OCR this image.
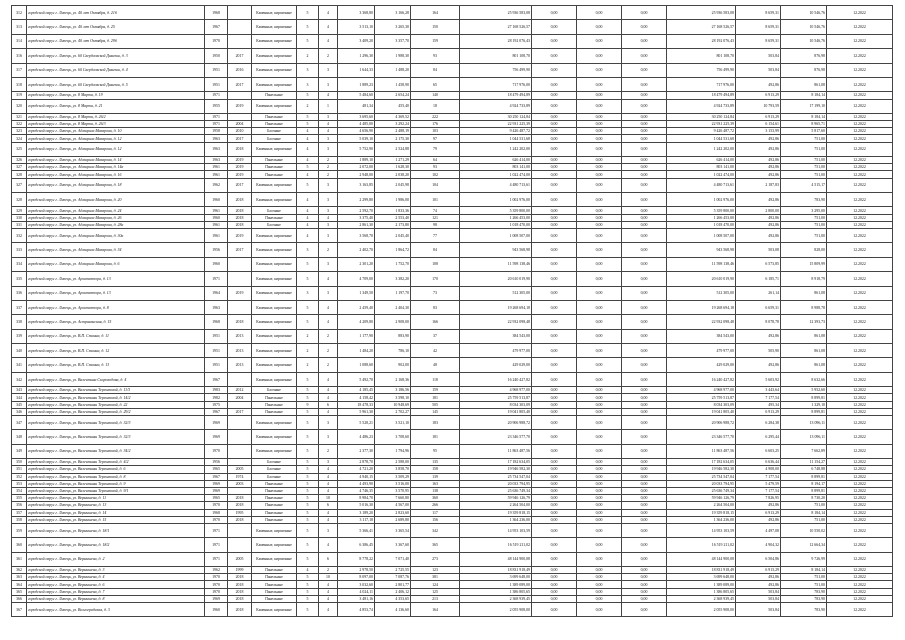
312	городской округ г. Липецк, ул. 40 лет Октября, д. 21б	1968		Каменные, кирпичные	5	4	3 368,80	3 166,28	164	25 936 583,08	0,00	0,00	0,00	25 936 583,08	8 659,31	10 546,76	12.2022
313	городской округ г. Липецк, ул. 40 лет Октября, д. 25	1967		Каменные, кирпичные	5	4	3 513,10	3 265,30	150	27 168 526,57	0,00	0,00	0,00	27 168 526,57	8 659,31	10 546,76	12.2022
314	городской округ г. Липецк, ул. 40 лет Октября, д. 29б	1970		Каменные, кирпичные	5	4	3 409,20	3 357,70	159	28 192 076,43	0,00	0,00	0,00	28 192 076,43	8 659,31	10 546,76	12.2022
316	городской округ г. Липецк, ул. 60 Свердловской Дивизии, д. 3	1950	2017	Каменные, кирпичные	2	2	1 296,30	1 988,30	93	801 108,70	0,00	0,00	0,00	801 108,70	503,84	876,98	12.2022
317	городской округ г. Липецк, ул. 60 Свердловской Дивизии, д. 4	1951	2016	Каменные, кирпичные	3	3	1 644,33	1 488,20	84	756 499,90	0,00	0,00	0,00	756 499,90	503,84	876,98	12.2022
318	городской округ г. Липецк, ул. 60 Свердловской Дивизии, д. 5	1951	2017	Каменные, кирпичные	3	3	1 889,23	1 458,90	65	717 976,00	0,00	0,00	0,00	717 976,00	492,86	861,08	12.2022
319	городской округ г. Липецк, ул. 8 Марта, д. 19	1971		Панельные	5	4	5 484,60	2 654,24	140	18 479 494,89	0,00	0,00	0,00	18 479 494,89	6 913,29	8 184,14	12.2022
320	городской округ г. Липецк, ул. 8 Марта, д. 21	1955	2019	Каменные, кирпичные	2	1	481,34	455,40	18	4 924 733,89	0,00	0,00	0,00	4 924 733,89	10 793,59	17 199,10	12.2022
321	городской округ г. Липецк, ул. 8 Марта, д. 26/2	1971		Панельные	5	3	3 695,60	4 369,52	222	30 250 124,84	0,00	0,00	0,00	30 250 124,84	6 913,29	8 184,14	12.2022
322	городской округ г. Липецк, ул. 8 Марта, д. 26/3	1971	2004	Панельные	5	4	4 485,00	3 292,24	176	22 931 225,39	0,00	0,00	0,00	22 931 225,39	6 154,61	8 965,71	12.2022
323	городской округ г. Липецк, ул. Адмирала Макарова, д. 10	1958	2010	Блочные	4	4	4 656,90	2 488,19	103	9 426 487,72	0,00	0,00	0,00	9 426 487,72	3 153,99	5 817,60	12.2022
324	городской округ г. Липецк, ул. Адмирала Макарова, д. 12	1963	2017	Блочные	4	3	5 039,10	2 175,30	97	1 044 531,68	0,00	0,00	0,00	1 044 531,68	492,86	751,00	12.2022
325	городской округ г. Липецк, ул. Адмирала Макарова, д. 12	1963	2018	Каменные, кирпичные	4	3	5 752,90	2 524,88	79	1 242 202,00	0,00	0,00	0,00	1 242 202,00	492,86	751,00	12.2022
326	городской округ г. Липецк, ул. Адмирала Макарова, д. 14	1963	2019	Панельные	4	2	1 889,10	1 271,29	64	626 414,00	0,00	0,00	0,00	626 414,00	492,86	751,00	12.2022
327	городской округ г. Липецк, ул. Адмирала Макарова, д. 14а	1961	2019	Панельные	5	2	2 072,00	1 628,30	93	803 141,00	0,00	0,00	0,00	803 141,00	492,86	751,00	12.2022
328	городской округ г. Липецк, ул. Адмирала Макарова, д. 16	1961	2019	Панельные	4	2	2 948,00	2 038,20	102	1 022 474,00	0,00	0,00	0,00	1 022 474,00	492,86	751,00	12.2022
327	городской округ г. Липецк, ул. Адмирала Макарова, д. 18	1962	2017	Каменные, кирпичные	5	3	3 163,85	2 045,98	104	4 480 713,61	0,00	0,00	0,00	4 480 713,61	2 187,83	4 515,17	12.2022
328	городской округ г. Липецк, ул. Адмирала Макарова, д. 20	1960	2018	Каменные, кирпичные	4	3	2 299,80	1 986,00	101	1 002 976,00	0,00	0,00	0,00	1 002 976,00	492,86	783,90	12.2022
329	городской округ г. Липецк, ул. Адмирала Макарова, д. 24	1961	2018	Блочные	4	3	2 592,70	1 833,36	74	5 359 800,00	0,00	0,00	0,00	5 359 800,00	2 800,00	3 295,00	12.2022
330	городской округ г. Липецк, ул. Адмирала Макарова, д. 26	1960	2018	Панельные	4	4	3 375,40	2 553,40	121	1 266 453,00	0,00	0,00	0,00	1 266 453,00	492,86	751,00	12.2022
331	городской округ г. Липецк, ул. Адмирала Макарова, д. 28а	1961	2018	Блочные	4	3	2 861,30	2 173,80	98	1 018 470,00	0,00	0,00	0,00	1 018 470,00	492,86	751,00	12.2022
332	городской округ г. Липецк, ул. Адмирала Макарова, д. 30а	1961	2019	Каменные, кирпичные	4	3	3 568,70	2 045,40	77	1 008 507,00	0,00	0,00	0,00	1 008 507,00	492,86	751,00	12.2022
333	городской округ г. Липецк, ул. Адмирала Макарова, д. 34	1956	2017	Каменные, кирпичные	3	2	2 402,70	1 864,72	84	943 568,98	0,00	0,00	0,00	943 568,98	503,08	828,00	12.2022
334	городской округ г. Липецк, ул. Адмирала Макарова, д. 6	1960		Каменные, кирпичные	5	3	2 301,20	1 752,70	108	11 598 138,46	0,00	0,00	0,00	11 598 138,46	6 573,85	15 809,99	12.2022
335	городской округ г. Липецк, ул. Архитектора, д. 13	1971		Каменные, кирпичные	5	4	4 709,00	3 382,20	170	20 610 019,90	0,00	0,00	0,00	20 610 019,90	6 185,71	8 918,79	12.2022
336	городской округ г. Липецк, ул. Архитектора, д. 13	1964	2019	Каменные, кирпичные	3	3	1 349,50	1 197,70	73	512 305,00	0,00	0,00	0,00	512 305,00	261,14	861,08	12.2022
337	городской округ г. Липецк, ул. Архитектора, д. 8	1963		Каменные, кирпичные	5	4	2 459,40	2 404,30	83	19 268 694,18	0,00	0,00	0,00	19 268 694,18	6 659,31	8 988,78	12.2022
338	городской округ г. Липецк, ул. Астраханская, д. 15	1968	2018	Каменные, кирпичные	5	4	4 209,80	2 908,00	166	22 932 098,48	0,00	0,00	0,00	22 932 098,48	8 078,78	12 393,73	12.2022
339	городской округ г. Липецк, ул. В.П. Стаина, д. 11	1951	2013	Каменные, кирпичные	2	2	1 177,90	883,90	37	384 543,00	0,00	0,00	0,00	384 543,00	492,86	861,08	12.2022
340	городской округ г. Липецк, ул. В.П. Стаина, д. 12	1951	2013	Каменные, кирпичные	2	2	1 484,20	786,10	42	479 977,00	0,00	0,00	0,00	479 977,00	505,90	861,08	12.2022
341	городской округ г. Липецк, ул. В.П. Стаина, д. 13	1951	2013	Каменные, кирпичные	2	2	1 088,60	902,00	48	429 029,00	0,00	0,00	0,00	429 029,00	492,86	861,08	12.2022
342	городской округ г. Липецк, ул. Валентина Скороходова, д. 4	1967		Каменные, кирпичные	5	4	5 492,70	2 168,36	118	16 240 427,82	0,00	0,00	0,00	16 240 427,82	5 603,92	8 632,66	12.2022
343	городской округ г. Липецк, ул. Валентины Терешковой, д. 11/3	1983	2012	Блочные	5	4	4 185,45	3 186,56	159	4 968 977,00	0,00	0,00	0,00	4 968 977,00	3 443,64	5 952,60	12.2022
344	городской округ г. Липецк, ул. Валентины Терешковой, д. 14/2	1982	2004	Панельные	5	4	4 158,42	3 598,10	181	25 759 513,87	0,00	0,00	0,00	25 759 513,87	7 177,54	8 899,81	12.2022
345	городской округ г. Липецк, ул. Валентины Терешковой, д. 22	1975		Панельные	9	6	18 478,33	10 948,69	505	8 034 303,09	0,00	0,00	0,00	8 034 303,09	495,34	1 329,10	12.2022
346	городской округ г. Липецк, ул. Валентины Терешковой, д. 29/2	1967	2017	Панельные	5	4	5 961,30	2 702,27	145	19 041 805,40	0,00	0,00	0,00	19 041 805,40	6 913,29	8 899,81	12.2022
347	городской округ г. Липецк, ул. Валентины Терешковой, д. 32/3	1969		Каменные, кирпичные	5	3	5 528,21	3 521,10	183	20 906 988,72	0,00	0,00	0,00	20 906 988,72	6 284,38	13 096,11	12.2022
348	городской округ г. Липецк, ул. Валентины Терешковой, д. 32/3	1969		Каменные, кирпичные	5	3	4 486,23	3 708,60	181	23 346 577,70	0,00	0,00	0,00	23 346 577,70	6 295,44	13 096,11	12.2022
349	городской округ г. Липецк, ул. Валентины Терешковой, д. 34/2	1970		Каменные, кирпичные	5	2	2 377,30	1 794,96	95	11 863 487,56	0,00	0,00	0,00	11 863 487,56	6 603,25	7 662,89	12.2022
350	городской округ г. Липецк, ул. Валентины Терешковой, д. 4/2	1956		Блочные	5	3	2 878,70	2 588,00	135	17 182 634,05	0,00	0,00	0,00	17 182 634,05	6 636,44	11 154,27	12.2022
351	городской округ г. Липецк, ул. Валентины Терешковой, д. 6	1965	2005	Блочные	5	4	4 721,20	3 858,70	158	19 946 582,30	0,00	0,00	0,00	19 946 582,30	4 908,00	6 748,88	12.2022
352	городской округ г. Липецк, ул. Валентины Терешковой, д. 8	1967	1974	Блочные	5	4	4 940,15	3 509,29	139	25 734 547,04	0,00	0,00	0,00	25 734 547,04	7 177,54	8 899,81	12.2022
353	городской округ г. Липецк, ул. Валентины Терешковой, д. 9	1969	2003	Панельные	5	4	4 493,90	3 516,00	163	20 033 794,95	0,00	0,00	0,00	20 033 794,95	5 479,59	8 194,17	12.2022
354	городской округ г. Липецк, ул. Валентины Терешковой, д. 9/1	1969		Панельные	5	4	4 746,35	3 570,95	138	25 636 749,34	0,00	0,00	0,00	25 636 749,34	7 177,54	8 899,81	12.2022
355	городской округ г. Липецк, ул. Вермишева, д. 11	1965	2018	Панельные	5	10	8 984,70	7 660,80	360	59 946 126,79	0,00	0,00	0,00	59 946 126,79	7 826,95	8 730,20	12.2022
356	городской округ г. Липецк, ул. Вермишева, д. 13	1970	2018	Панельные	5	6	5 016,30	4 567,00	266	2 264 504,00	0,00	0,00	0,00	2 264 504,00	492,86	751,00	12.2022
357	городской округ г. Липецк, ул. Вермишева, д. 14	1968	1995	Панельные	5	4	3 189,20	2 823,60	117	19 359 818,15	0,00	0,00	0,00	19 359 818,15	6 913,29	8 184,14	12.2022
358	городской округ г. Липецк, ул. Вермишева, д. 15	1970	2018	Панельные	5	4	3 117,18	2 689,80	156	1 364 236,00	0,00	0,00	0,00	1 364 236,00	492,86	751,00	12.2022
359	городской округ г. Липецк, ул. Вермишева, д. 18/1	1971		Каменные, кирпичные	5	3	5 366,41	3 365,54	342	14 953 103,59	0,00	0,00	0,00	14 953 103,59	4 497,08	10 550,02	12.2022
360	городской округ г. Липецк, ул. Вермишева, д. 18/2	1971		Каменные, кирпичные	5	4	6 386,45	3 367,60	365	16 519 211,02	0,00	0,00	0,00	16 519 211,02	4 904,32	12 664,34	12.2022
361	городской округ г. Липецк, ул. Вермишева, д. 2	1971	2005	Каменные, кирпичные	5	6	8 778,22	7 071,40	273	48 144 900,08	0,00	0,00	0,00	48 144 900,08	6 504,86	9 726,99	12.2022
362	городской округ г. Липецк, ул. Вермишева, д. 3	1962	1999	Панельные	4	2	2 978,50	2 725,55	123	18 831 918,49	0,00	0,00	0,00	18 831 918,49	6 913,29	8 184,14	12.2022
363	городской округ г. Липецк, ул. Вермишева, д. 4	1970	2018	Панельные	5	10	8 097,00	7 087,76	381	3 699 648,00	0,00	0,00	0,00	3 699 648,00	492,86	751,00	12.2022
364	городской округ г. Липецк, ул. Вермишева, д. 6	1970	2018	Панельные	5	4	3 032,60	2 801,77	124	1 389 089,00	0,00	0,00	0,00	1 389 089,00	492,86	751,00	12.2022
365	городской округ г. Липецк, ул. Вермишева, д. 7	1970	2018	Панельные	5	4	4 024,11	2 406,12	125	1 386 805,65	0,00	0,00	0,00	1 386 805,65	503,84	783,90	12.2022
366	городской округ г. Липецк, ул. Вермишева, д. 8	1969	2018	Панельные	5	4	3 481,16	4 353,65	213	2 368 939,45	0,00	0,00	0,00	2 368 939,45	503,84	783,90	12.2022
367	городской округ г. Липецк, ул. Волгоградская, д. 3	1960	2018	Каменные, кирпичные	5	4	4 853,74	4 136,60	164	2 055 908,00	0,00	0,00	0,00	2 055 908,00	503,84	783,90	12.2022
